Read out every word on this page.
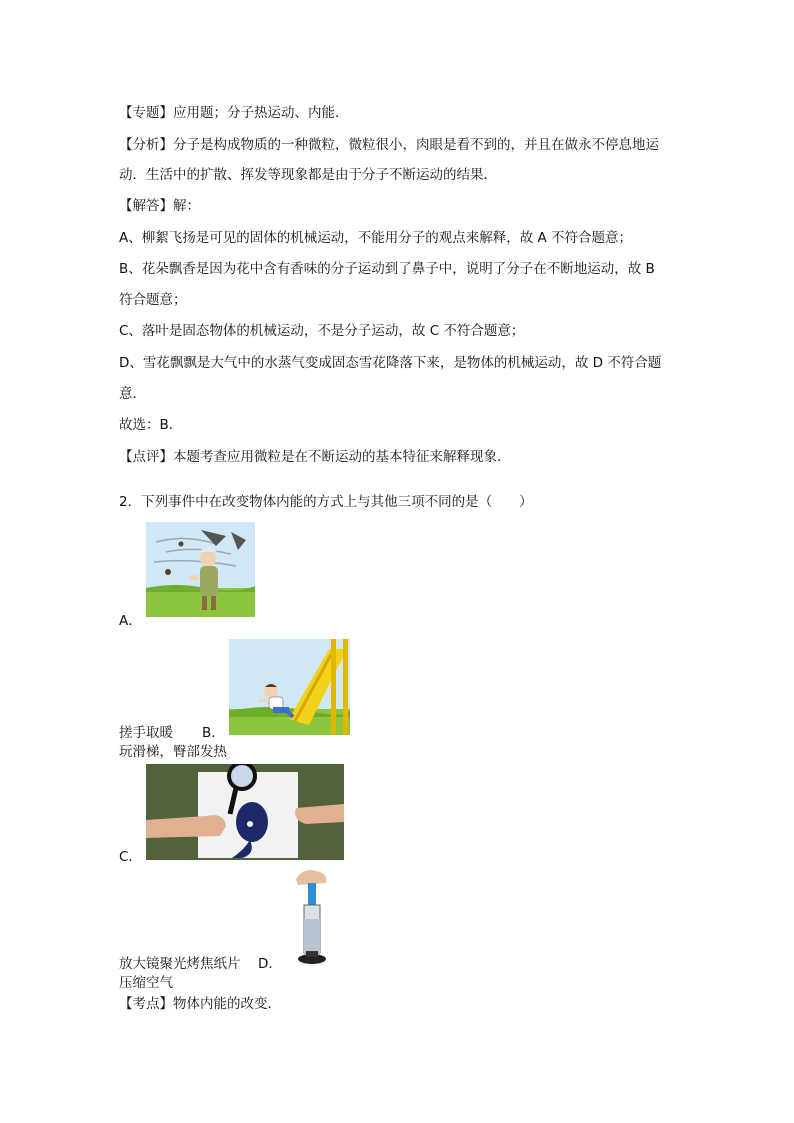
【专题】应用题；分子热运动、内能．
【分析】分子是构成物质的一种微粒，微粒很小，肉眼是看不到的，并且在做永不停息地运
动．生活中的扩散、挥发等现象都是由于分子不断运动的结果．
【解答】解：
A、柳絮飞扬是可见的固体的机械运动，不能用分子的观点来解释，故 A 不符合题意；
B、花朵飘香是因为花中含有香味的分子运动到了鼻子中，说明了分子在不断地运动，故 B
符合题意；
C、落叶是固态物体的机械运动，不是分子运动，故 C 不符合题意；
D、雪花飘飘是大气中的水蒸气变成固态雪花降落下来，是物体的机械运动，故 D 不符合题
意．
故选：B．
【点评】本题考查应用微粒是在不断运动的基本特征来解释现象．
2．下列事件中在改变物体内能的方式上与其他三项不同的是（　　）
A．
搓手取暖 B．
玩滑梯，臀部发热
C．
放大镜聚光烤焦纸片 D．
压缩空气
【考点】物体内能的改变．
